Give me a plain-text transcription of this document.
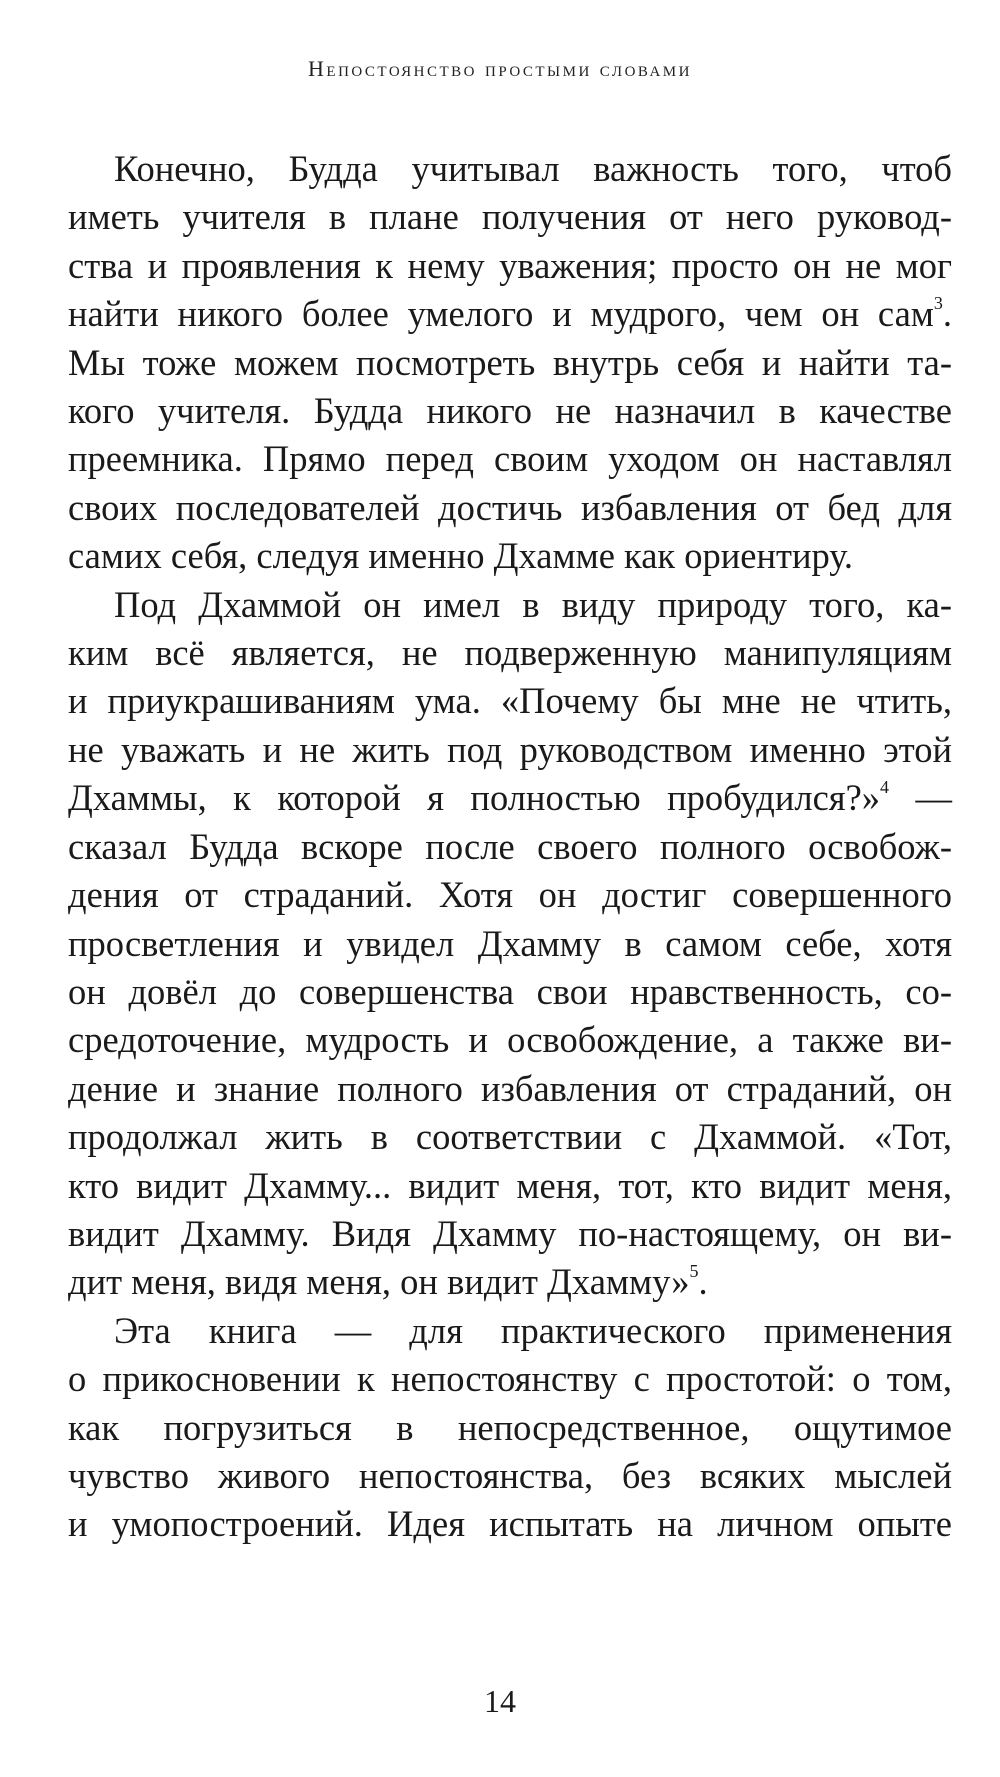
Непостоянство простыми словами
Конечно, Будда учитывал важность того, чтоб
иметь учителя в плане получения от него руковод-
ства и проявления к нему уважения; просто он не мог
найти никого более умелого и мудрого, чем он сам$^3$.
Мы тоже можем посмотреть внутрь себя и найти та-
кого учителя. Будда никого не назначил в качестве
преемника. Прямо перед своим уходом он наставлял
своих последователей достичь избавления от бед для
самих себя, следуя именно Дхамме как ориентиру.
Под Дхаммой он имел в виду природу того, ка-
ким всё является, не подверженную манипуляциям
и приукрашиваниям ума. «Почему бы мне не чтить,
не уважать и не жить под руководством именно этой
Дхаммы, к которой я полностью пробудился?»$^4$ —
сказал Будда вскоре после своего полного освобож-
дения от страданий. Хотя он достиг совершенного
просветления и увидел Дхамму в самом себе, хотя
он довёл до совершенства свои нравственность, со-
средоточение, мудрость и освобождение, а также ви-
дение и знание полного избавления от страданий, он
продолжал жить в соответствии с Дхаммой. «Тот,
кто видит Дхамму... видит меня, тот, кто видит меня,
видит Дхамму. Видя Дхамму по-настоящему, он ви-
дит меня, видя меня, он видит Дхамму»$^5$.
Эта книга — для практического применения
о прикосновении к непостоянству с простотой: о том,
как погрузиться в непосредственное, ощутимое
чувство живого непостоянства, без всяких мыслей
и умопостроений. Идея испытать на личном опыте
14
